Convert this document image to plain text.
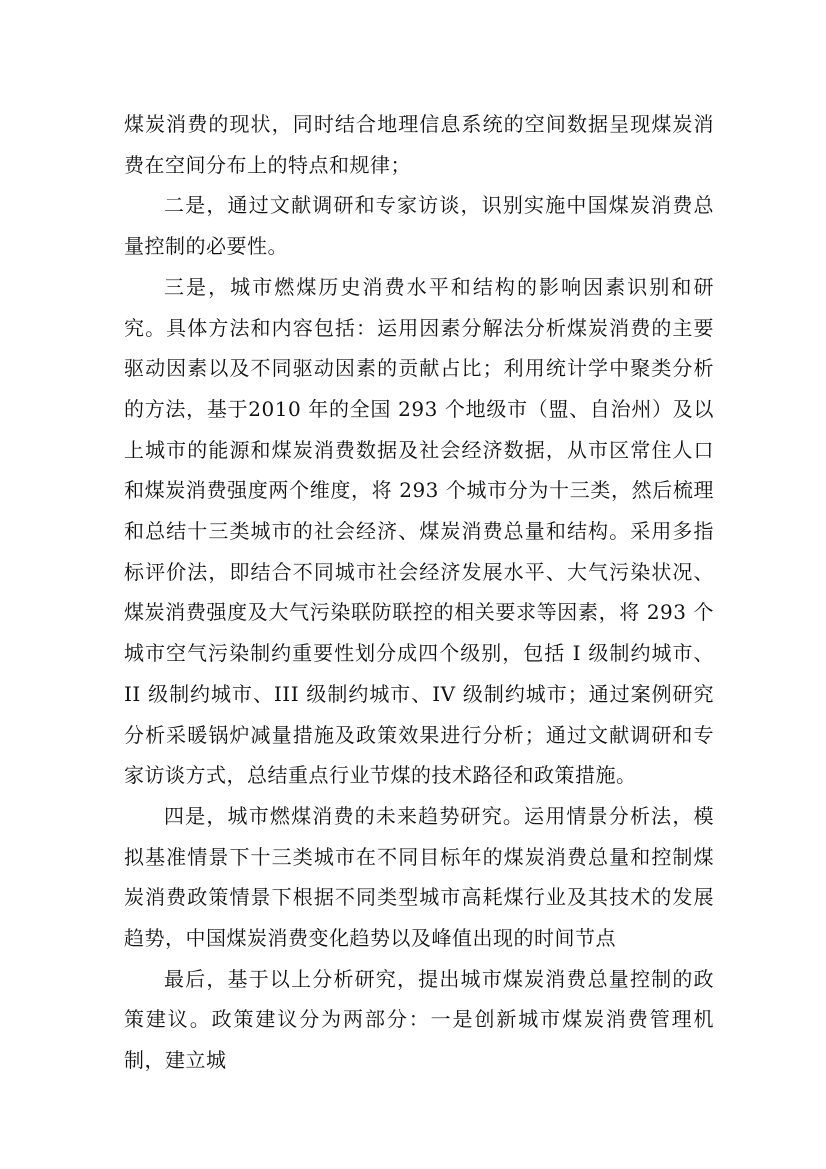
煤炭消费的现状，同时结合地理信息系统的空间数据呈现煤炭消费在空间分布上的特点和规律；

二是，通过文献调研和专家访谈，识别实施中国煤炭消费总量控制的必要性。

三是，城市燃煤历史消费水平和结构的影响因素识别和研究。具体方法和内容包括：运用因素分解法分析煤炭消费的主要驱动因素以及不同驱动因素的贡献占比；利用统计学中聚类分析的方法，基于2010 年的全国 293 个地级市（盟、自治州）及以上城市的能源和煤炭消费数据及社会经济数据，从市区常住人口和煤炭消费强度两个维度，将 293 个城市分为十三类，然后梳理和总结十三类城市的社会经济、煤炭消费总量和结构。采用多指标评价法，即结合不同城市社会经济发展水平、大气污染状况、煤炭消费强度及大气污染联防联控的相关要求等因素，将 293 个城市空气污染制约重要性划分成四个级别，包括 I 级制约城市、II 级制约城市、III 级制约城市、IV 级制约城市；通过案例研究分析采暖锅炉减量措施及政策效果进行分析；通过文献调研和专家访谈方式，总结重点行业节煤的技术路径和政策措施。

四是，城市燃煤消费的未来趋势研究。运用情景分析法，模拟基准情景下十三类城市在不同目标年的煤炭消费总量和控制煤炭消费政策情景下根据不同类型城市高耗煤行业及其技术的发展趋势，中国煤炭消费变化趋势以及峰值出现的时间节点

最后，基于以上分析研究，提出城市煤炭消费总量控制的政策建议。政策建议分为两部分：一是创新城市煤炭消费管理机制，建立城
